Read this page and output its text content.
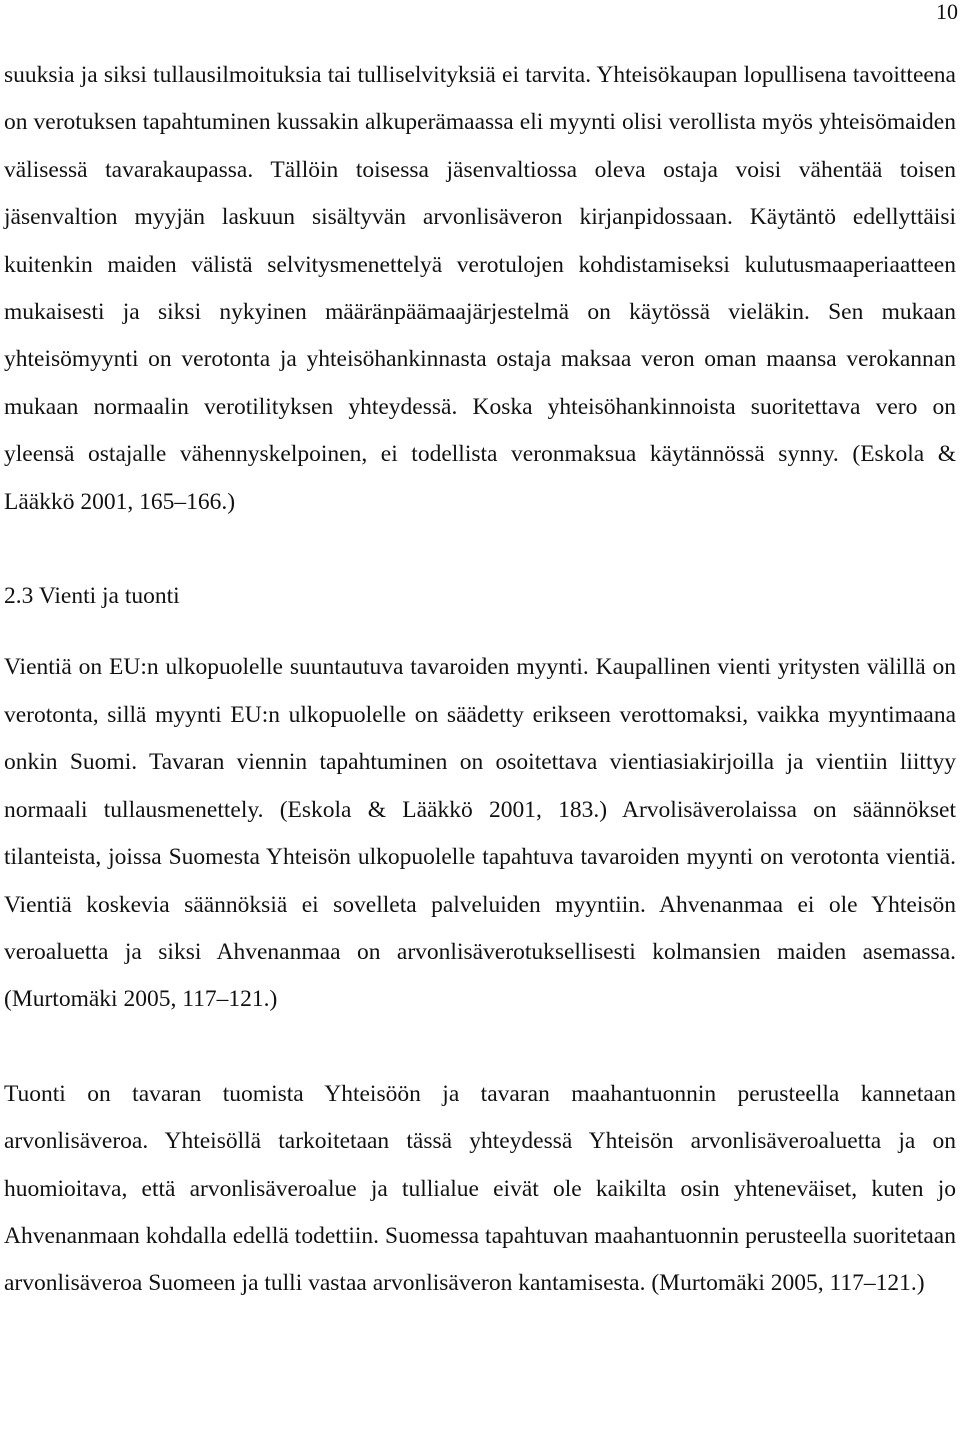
10

suuksia ja siksi tullausilmoituksia tai tulliselvityksiä ei tarvita. Yhteisökaupan lopullisena tavoitteena on verotuksen tapahtuminen kussakin alkuperämaassa eli myynti olisi verollista myös yhteisömaiden välisessä tavarakaupassa. Tällöin toisessa jäsenvaltiossa oleva ostaja voisi vähentää toisen jäsenvaltion myyjän laskuun sisältyvän arvonlisäveron kirjanpidossaan. Käytäntö edellyttäisi kuitenkin maiden välistä selvitysmenettelyä verotulojen kohdistamiseksi kulutusmaaperiaatteen mukaisesti ja siksi nykyinen määränpäämaajärjestelmä on käytössä vieläkin. Sen mukaan yhteisömyynti on verotonta ja yhteisöhankinnasta ostaja maksaa veron oman maansa verokannan mukaan normaalin verotilityksen yhteydessä. Koska yhteisöhankinnoista suoritettava vero on yleensä ostajalle vähennyskelpoinen, ei todellista veronmaksua käytännössä synny. (Eskola & Lääkkö 2001, 165–166.)

2.3 Vienti ja tuonti

Vientiä on EU:n ulkopuolelle suuntautuva tavaroiden myynti. Kaupallinen vienti yritysten välillä on verotonta, sillä myynti EU:n ulkopuolelle on säädetty erikseen verottomaksi, vaikka myyntimaana onkin Suomi. Tavaran viennin tapahtuminen on osoitettava vientiasiakirjoilla ja vientiin liittyy normaali tullausmenettely. (Eskola & Lääkkö 2001, 183.) Arvolisäverolaissa on säännökset tilanteista, joissa Suomesta Yhteisön ulkopuolelle tapahtuva tavaroiden myynti on verotonta vientiä. Vientiä koskevia säännöksiä ei sovelleta palveluiden myyntiin. Ahvenanmaa ei ole Yhteisön veroaluetta ja siksi Ahvenanmaa on arvonlisäverotuksellisesti kolmansien maiden asemassa. (Murtomäki 2005, 117–121.)

Tuonti on tavaran tuomista Yhteisöön ja tavaran maahantuonnin perusteella kannetaan arvonlisäveroa. Yhteisöllä tarkoitetaan tässä yhteydessä Yhteisön arvonlisäveroaluetta ja on huomioitava, että arvonlisäveroalue ja tullialue eivät ole kaikilta osin yhteneväiset, kuten jo Ahvenanmaan kohdalla edellä todettiin. Suomessa tapahtuvan maahantuonnin perusteella suoritetaan arvonlisäveroa Suomeen ja tulli vastaa arvonlisäveron kantamisesta. (Murtomäki 2005, 117–121.)
